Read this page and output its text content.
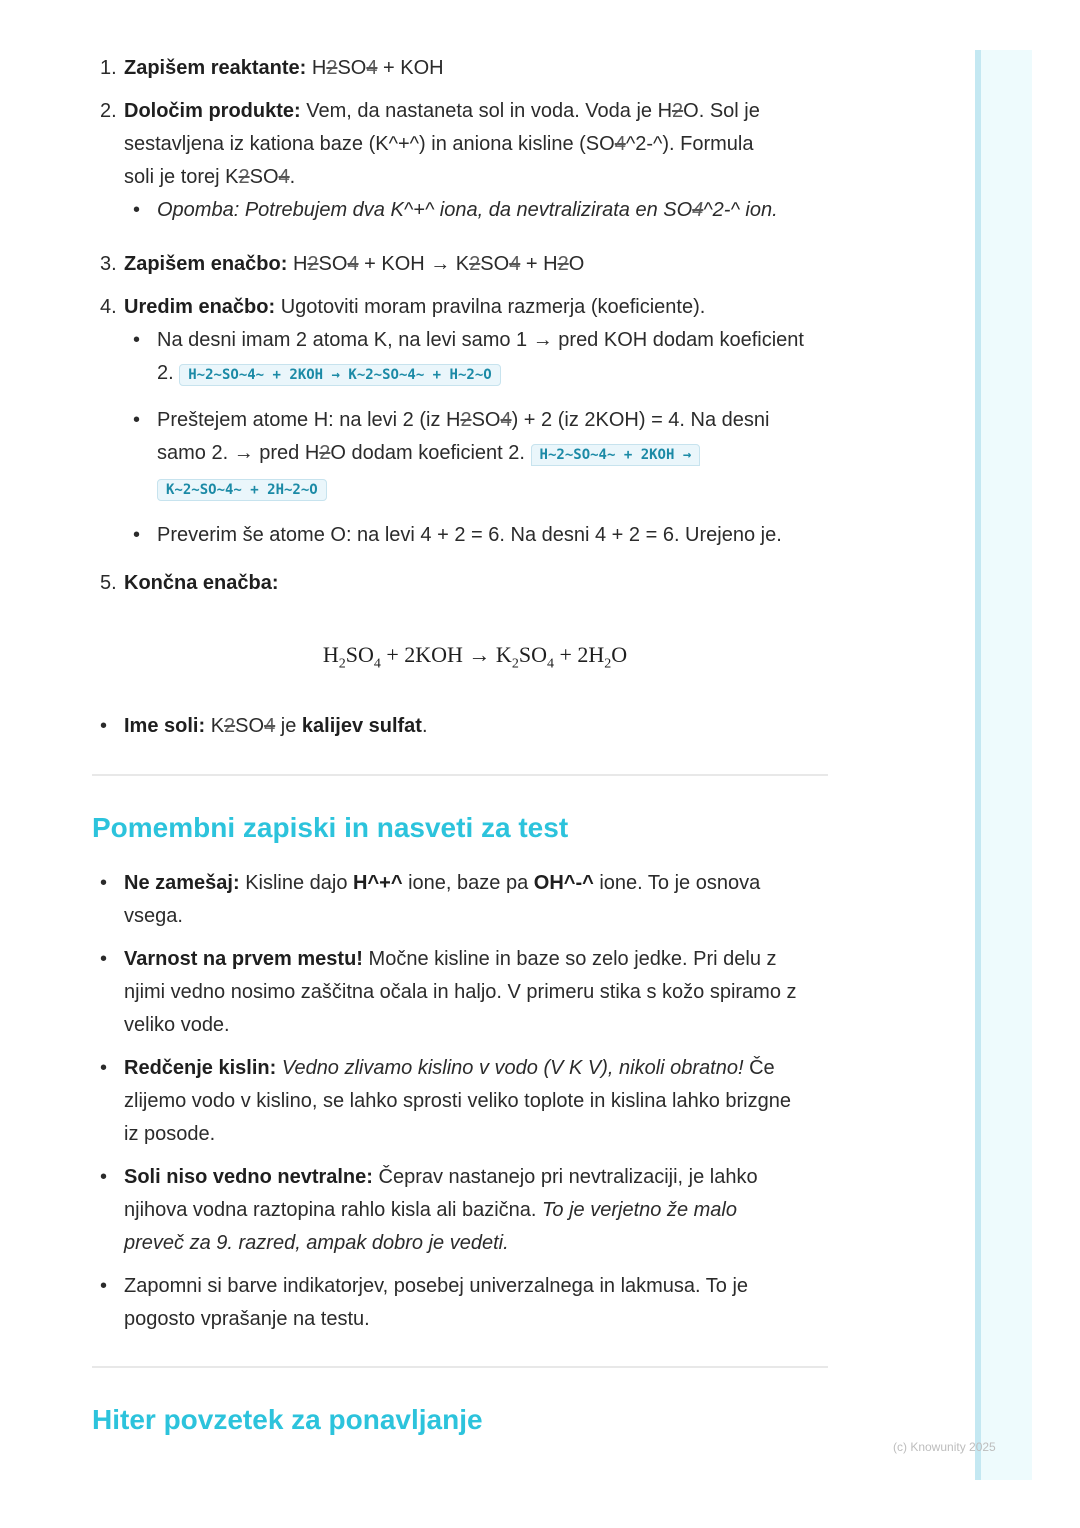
1. Zapišem reaktante: H2SO4 + KOH
2. Določim produkte: Vem, da nastaneta sol in voda. Voda je H2O. Sol je
sestavljena iz kationa baze (K^+^) in aniona kisline (SO4^2-^). Formula
soli je torej K2SO4.
• Opomba: Potrebujem dva K^+^ iona, da nevtralizirata en SO4^2-^ ion.
3. Zapišem enačbo: H2SO4 + KOH → K2SO4 + H2O
4. Uredim enačbo: Ugotoviti moram pravilna razmerja (koeficiente).
• Na desni imam 2 atoma K, na levi samo 1 → pred KOH dodam koeficient
2. H~2~SO~4~ + 2KOH → K~2~SO~4~ + H~2~O
• Preštejem atome H: na levi 2 (iz H2SO4) + 2 (iz 2KOH) = 4. Na desni
samo 2. → pred H2O dodam koeficient 2. H~2~SO~4~ + 2KOH →
K~2~SO~4~ + 2H~2~O
• Preverim še atome O: na levi 4 + 2 = 6. Na desni 4 + 2 = 6. Urejeno je.
5. Končna enačba:
$H_2SO_4 + 2KOH \to K_2SO_4 + 2H_2O$
• Ime soli: K2SO4 je kalijev sulfat.
Pomembni zapiski in nasveti za test
• Ne zamešaj: Kisline dajo H^+^ ione, baze pa OH^-^ ione. To je osnova
vsega.
• Varnost na prvem mestu! Močne kisline in baze so zelo jedke. Pri delu z
njimi vedno nosimo zaščitna očala in haljo. V primeru stika s kožo spiramo z
veliko vode.
• Redčenje kislin: Vedno zlivamo kislino v vodo (V K V), nikoli obratno! Če
zlijemo vodo v kislino, se lahko sprosti veliko toplote in kislina lahko brizgne
iz posode.
• Soli niso vedno nevtralne: Čeprav nastanejo pri nevtralizaciji, je lahko
njihova vodna raztopina rahlo kisla ali bazična. To je verjetno že malo
preveč za 9. razred, ampak dobro je vedeti.
• Zapomni si barve indikatorjev, posebej univerzalnega in lakmusa. To je
pogosto vprašanje na testu.
Hiter povzetek za ponavljanje
(c) Knowunity 2025
